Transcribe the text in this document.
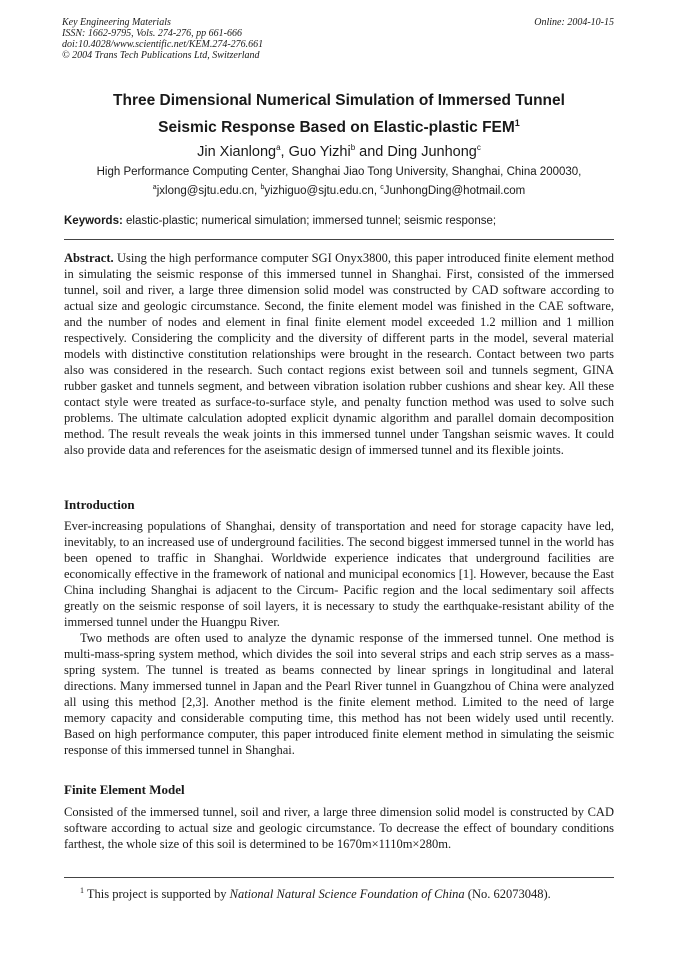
Key Engineering Materials
ISSN: 1662-9795, Vols. 274-276, pp 661-666
doi:10.4028/www.scientific.net/KEM.274-276.661
© 2004 Trans Tech Publications Ltd, Switzerland
Online: 2004-10-15
Three Dimensional Numerical Simulation of Immersed Tunnel
Seismic Response Based on Elastic-plastic FEM$^1$
Jin Xianlong$^a$, Guo Yizhi$^b$ and Ding Junhong$^c$
High Performance Computing Center, Shanghai Jiao Tong University, Shanghai, China 200030,
$^a$jxlong@sjtu.edu.cn, $^b$yizhiguo@sjtu.edu.cn, $^c$JunhongDing@hotmail.com
Keywords: elastic-plastic; numerical simulation; immersed tunnel; seismic response;

Abstract. Using the high performance computer SGI Onyx3800, this paper introduced finite element method in simulating the seismic response of this immersed tunnel in Shanghai. First, consisted of the immersed tunnel, soil and river, a large three dimension solid model was constructed by CAD software according to actual size and geologic circumstance. Second, the finite element model was finished in the CAE software, and the number of nodes and element in final finite element model exceeded 1.2 million and 1 million respectively. Considering the complicity and the diversity of different parts in the model, several material models with distinctive constitution relationships were brought in the research. Contact between two parts also was considered in the research. Such contact regions exist between soil and tunnels segment, GINA rubber gasket and tunnels segment, and between vibration isolation rubber cushions and shear key. All these contact style were treated as surface-to-surface style, and penalty function method was used to solve such problems. The ultimate calculation adopted explicit dynamic algorithm and parallel domain decomposition method. The result reveals the weak joints in this immersed tunnel under Tangshan seismic waves. It could also provide data and references for the aseismatic design of immersed tunnel and its flexible joints.

Introduction

Ever-increasing populations of Shanghai, density of transportation and need for storage capacity have led, inevitably, to an increased use of underground facilities. The second biggest immersed tunnel in the world has been opened to traffic in Shanghai. Worldwide experience indicates that underground facilities are economically effective in the framework of national and municipal economics [1]. However, because the East China including Shanghai is adjacent to the Circum- Pacific region and the local sedimentary soil affects greatly on the seismic response of soil layers, it is necessary to study the earthquake-resistant ability of the immersed tunnel under the Huangpu River.

Two methods are often used to analyze the dynamic response of the immersed tunnel. One method is multi-mass-spring system method, which divides the soil into several strips and each strip serves as a mass-spring system. The tunnel is treated as beams connected by linear springs in longitudinal and lateral directions. Many immersed tunnel in Japan and the Pearl River tunnel in Guangzhou of China were analyzed all using this method [2,3]. Another method is the finite element method. Limited to the need of large memory capacity and considerable computing time, this method has not been widely used until recently. Based on high performance computer, this paper introduced finite element method in simulating the seismic response of this immersed tunnel in Shanghai.

Finite Element Model

Consisted of the immersed tunnel, soil and river, a large three dimension solid model is constructed by CAD software according to actual size and geologic circumstance. To decrease the effect of boundary conditions farthest, the whole size of this soil is determined to be 1670m×1110m×280m.

$^1$ This project is supported by National Natural Science Foundation of China (No. 62073048).
